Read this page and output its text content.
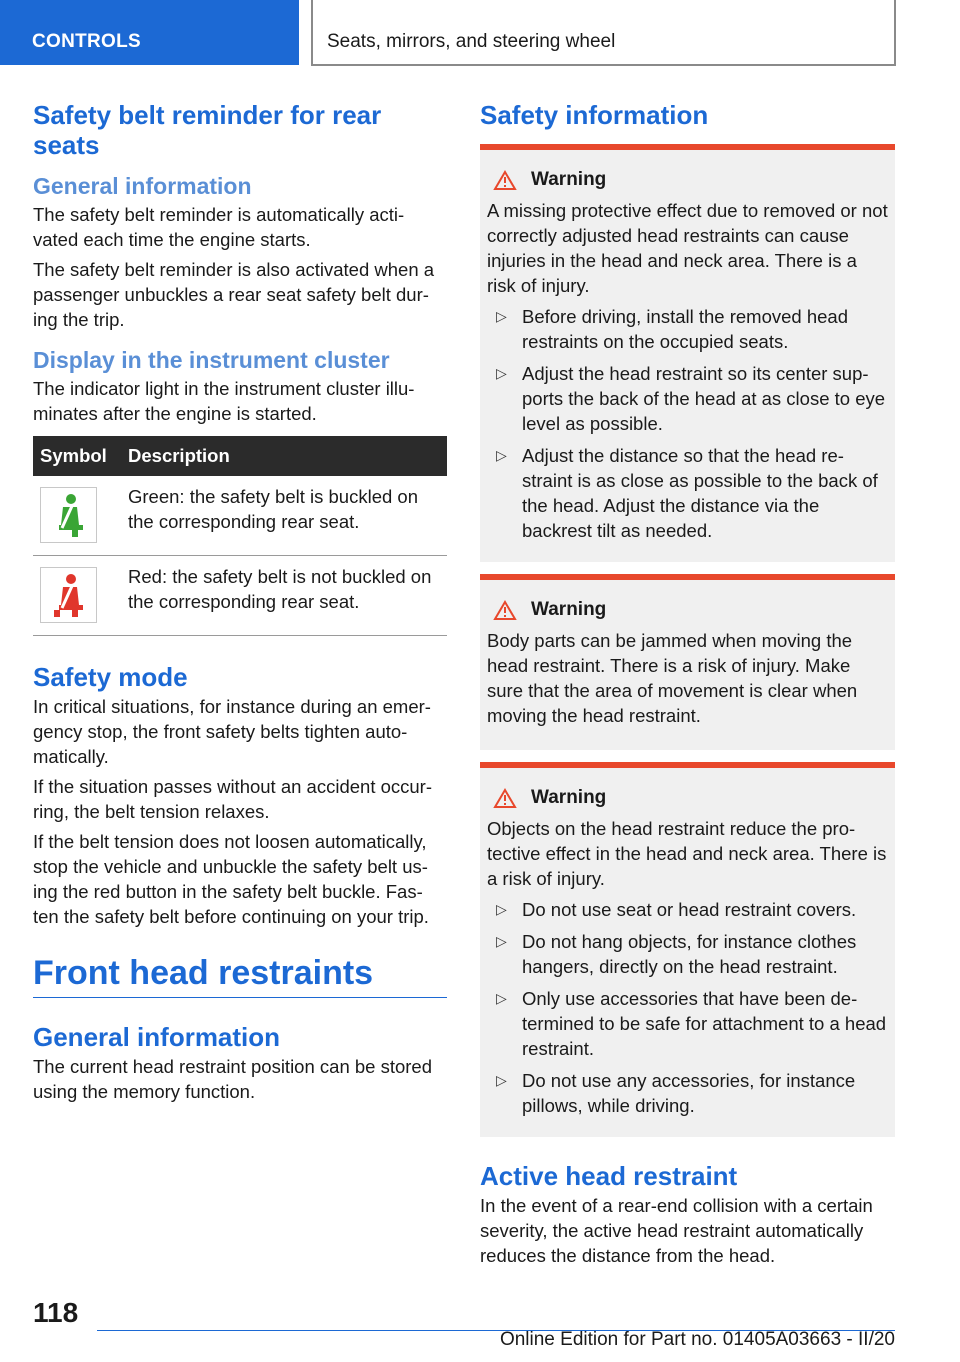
CONTROLS	Seats, mirrors, and steering wheel
Safety belt reminder for rear seats
General information
The safety belt reminder is automatically acti- vated each time the engine starts.
The safety belt reminder is also activated when a passenger unbuckles a rear seat safety belt dur- ing the trip.
Display in the instrument cluster
The indicator light in the instrument cluster illu- minates after the engine is started.
Symbol	Description

	Green: the safety belt is buckled on the corresponding rear seat.

	Red: the safety belt is not buckled on the corresponding rear seat.
Safety mode
In critical situations, for instance during an emer- gency stop, the front safety belts tighten auto- matically.
If the situation passes without an accident occur- ring, the belt tension relaxes.
If the belt tension does not loosen automatically, stop the vehicle and unbuckle the safety belt us- ing the red button in the safety belt buckle. Fas- ten the safety belt before continuing on your trip.
Front head restraints
General information
The current head restraint position can be stored using the memory function.
Safety information
Warning
A missing protective effect due to removed or not correctly adjusted head restraints can cause injuries in the head and neck area. There is a risk of injury.
▷ Before driving, install the removed head restraints on the occupied seats.
▷ Adjust the head restraint so its center sup- ports the back of the head at as close to eye level as possible.
▷ Adjust the distance so that the head re- straint is as close as possible to the back of the head. Adjust the distance via the backrest tilt as needed.
Warning
Body parts can be jammed when moving the head restraint. There is a risk of injury. Make sure that the area of movement is clear when moving the head restraint.
Warning
Objects on the head restraint reduce the pro- tective effect in the head and neck area. There is a risk of injury.
▷ Do not use seat or head restraint covers.
▷ Do not hang objects, for instance clothes hangers, directly on the head restraint.
▷ Only use accessories that have been de- termined to be safe for attachment to a head restraint.
▷ Do not use any accessories, for instance pillows, while driving.
Active head restraint
In the event of a rear-end collision with a certain severity, the active head restraint automatically reduces the distance from the head.
118
Online Edition for Part no. 01405A03663 - II/20
